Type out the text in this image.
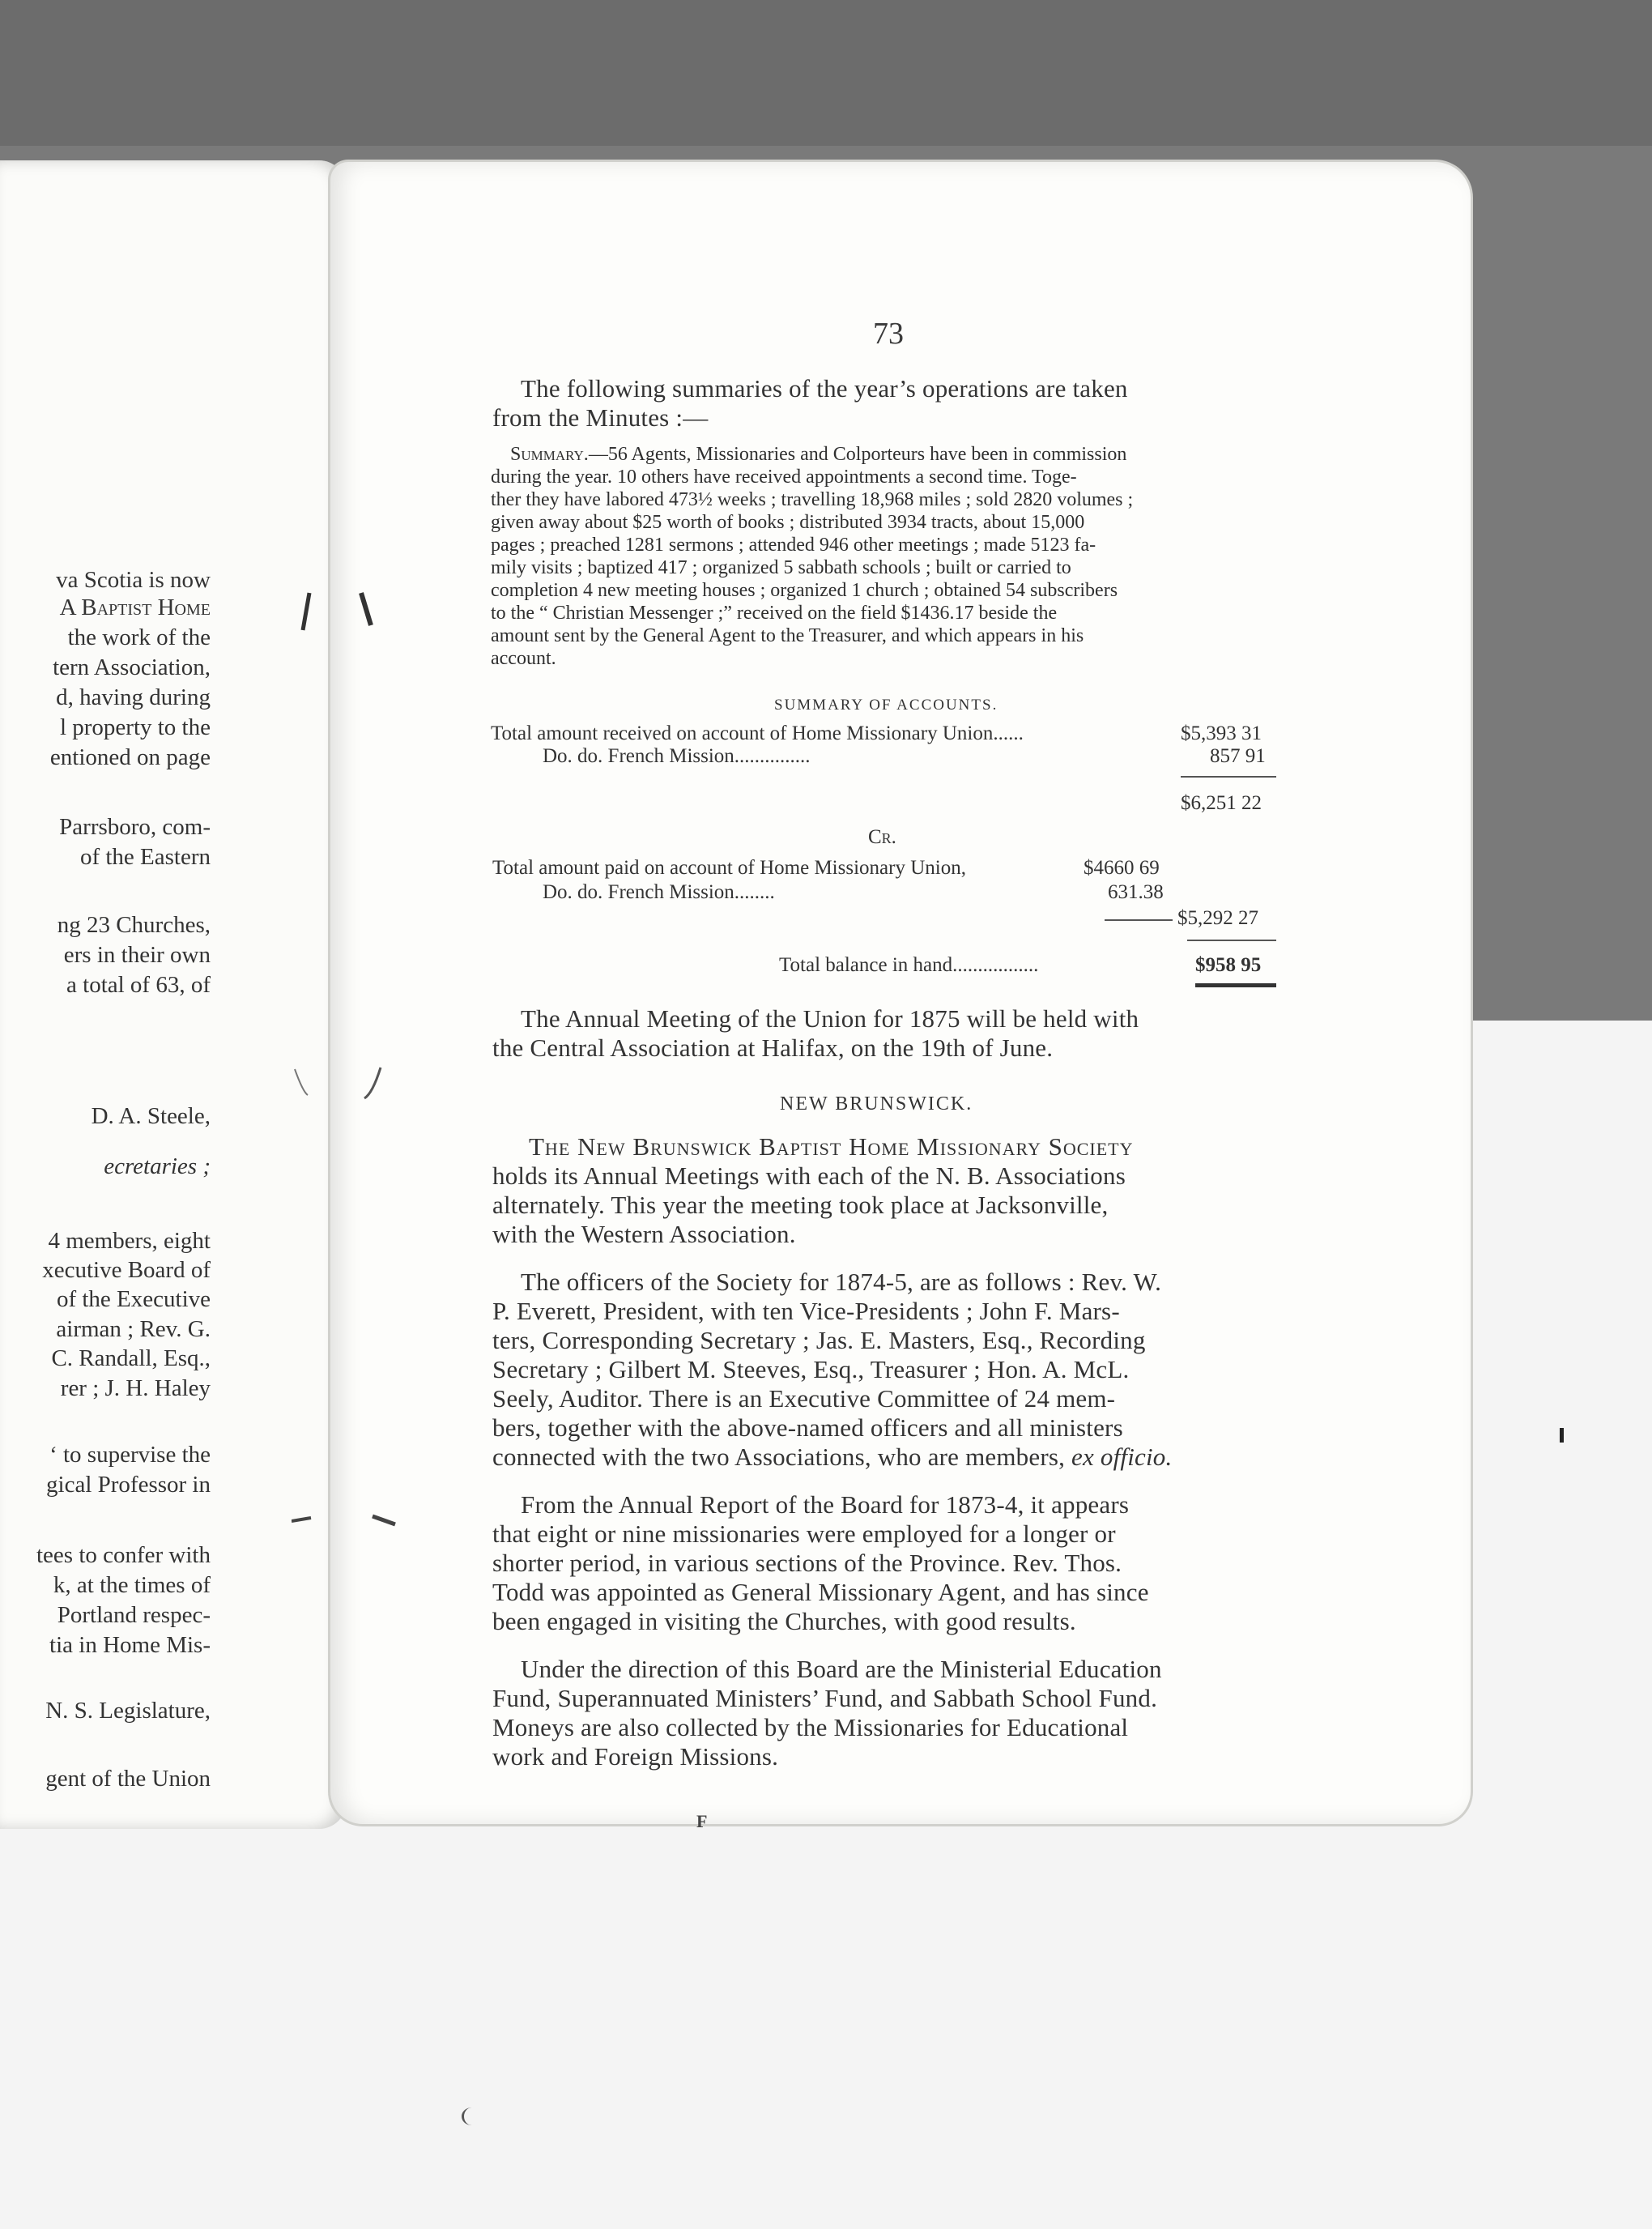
va Scotia is now
A Baptist Home
the work of the
tern Association,
d, having during
l property to the
entioned on page
Parrsboro, com-
of the Eastern
ng 23 Churches,
ers in their own
a total of 63, of
D. A. Steele,
ecretaries ;
4 members, eight
xecutive Board of
of the Executive
airman ; Rev. G.
C. Randall, Esq.,
rer ; J. H. Haley
‘ to supervise the
gical Professor in
tees to confer with
k, at the times of
Portland respec-
tia in Home Mis-
N. S. Legislature,
gent of the Union
73
The following summaries of the year’s operations are taken
from the Minutes :—
Summary.—56 Agents, Missionaries and Colporteurs have been in commission
during the year. 10 others have received appointments a second time. Toge-
ther they have labored 473½ weeks ; travelling 18,968 miles ; sold 2820 volumes ;
given away about $25 worth of books ; distributed 3934 tracts, about 15,000
pages ; preached 1281 sermons ; attended 946 other meetings ; made 5123 fa-
mily visits ; baptized 417 ; organized 5 sabbath schools ; built or carried to
completion 4 new meeting houses ; organized 1 church ; obtained 54 subscribers
to the “ Christian Messenger ;” received on the field $1436.17 beside the
amount sent by the General Agent to the Treasurer, and which appears in his
account.
SUMMARY OF ACCOUNTS.
Total amount received on account of Home Missionary Union......	$5,393 31
Do. do. French Mission...............	857 91
$6,251 22
Cr.
Total amount paid on account of Home Missionary Union,	$4660 69
Do. do. French Mission........	631.38
$5,292 27
Total balance in hand.................	$958 95
The Annual Meeting of the Union for 1875 will be held with
the Central Association at Halifax, on the 19th of June.
NEW BRUNSWICK.
The New Brunswick Baptist Home Missionary Society
holds its Annual Meetings with each of the N. B. Associations
alternately. This year the meeting took place at Jacksonville,
with the Western Association.
The officers of the Society for 1874-5, are as follows : Rev. W.
P. Everett, President, with ten Vice-Presidents ; John F. Mars-
ters, Corresponding Secretary ; Jas. E. Masters, Esq., Recording
Secretary ; Gilbert M. Steeves, Esq., Treasurer ; Hon. A. McL.
Seely, Auditor. There is an Executive Committee of 24 mem-
bers, together with the above-named officers and all ministers
connected with the two Associations, who are members, ex officio.
From the Annual Report of the Board for 1873-4, it appears
that eight or nine missionaries were employed for a longer or
shorter period, in various sections of the Province. Rev. Thos.
Todd was appointed as General Missionary Agent, and has since
been engaged in visiting the Churches, with good results.
Under the direction of this Board are the Ministerial Education
Fund, Superannuated Ministers’ Fund, and Sabbath School Fund.
Moneys are also collected by the Missionaries for Educational
work and Foreign Missions.
F
